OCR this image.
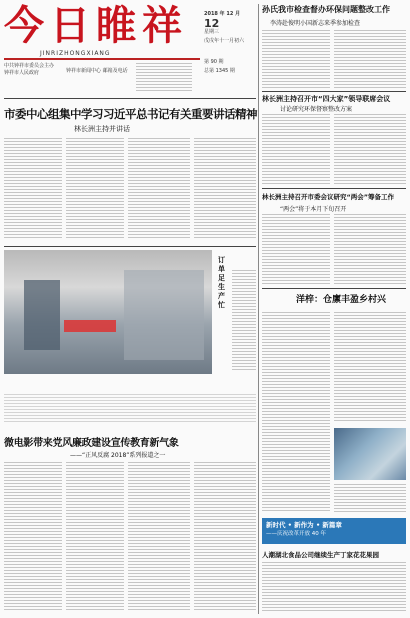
今日睢祥
JINRIZHONGXIANG
中共钟祥市委员会主办
钟祥市人民政府	钟祥市新闻中心 邮箱及电话
2018 年 12 月
12
星期三
戊戌年十一月初六
第 90 期
总第 1345 期
孙氏我市检查督办环保问题整改工作
李涛赴俊明小国新志来季参加检查
林长洲主持召开市“四大家”领导联席会议
讨论研究环保督察整改方案
林长洲主持召开市委会议研究“两会”筹备工作
“两会”将于本月下旬召开
洋梓：仓廪丰盈乡村兴
新时代 • 新作为 • 新篇章
——庆祝改革开放 40 年
人潮湖北食品公司继续生产丁家花花果园
市委中心组集中学习习近平总书记有关重要讲话精神
林长洲主持并讲话
订单足生产忙
微电影带来党风廉政建设宣传教育新气象
——“正风反腐 2018”系列报道之一
